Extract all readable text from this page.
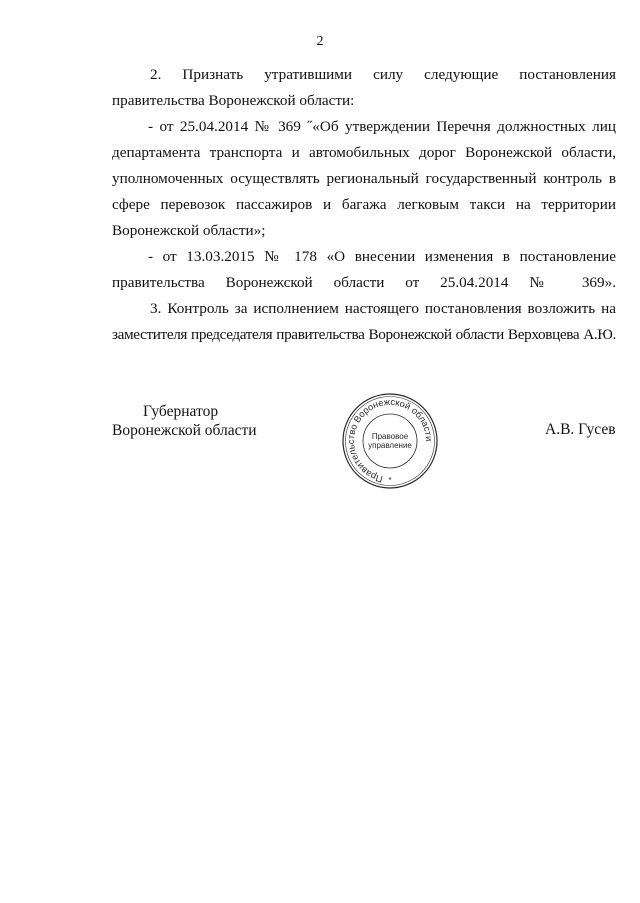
2
2. Признать утратившими силу следующие постановления
правительства Воронежской области:
- от 25.04.2014 № 369 ˝«Об утверждении Перечня должностных лиц
департамента транспорта и автомобильных дорог Воронежской области,
уполномоченных осуществлять региональный государственный контроль в
сфере перевозок пассажиров и багажа легковым такси на территории
Воронежской области»;
- от 13.03.2015 № 178 «О внесении изменения в постановление
правительства Воронежской области от 25.04.2014 № 369».
3. Контроль за исполнением настоящего постановления возложить на
заместителя председателя правительства Воронежской области Верховцева А.Ю.
Губернатор
Воронежской области
Правительство Воронежской области
Правовое
управление
*
А.В. Гусев
